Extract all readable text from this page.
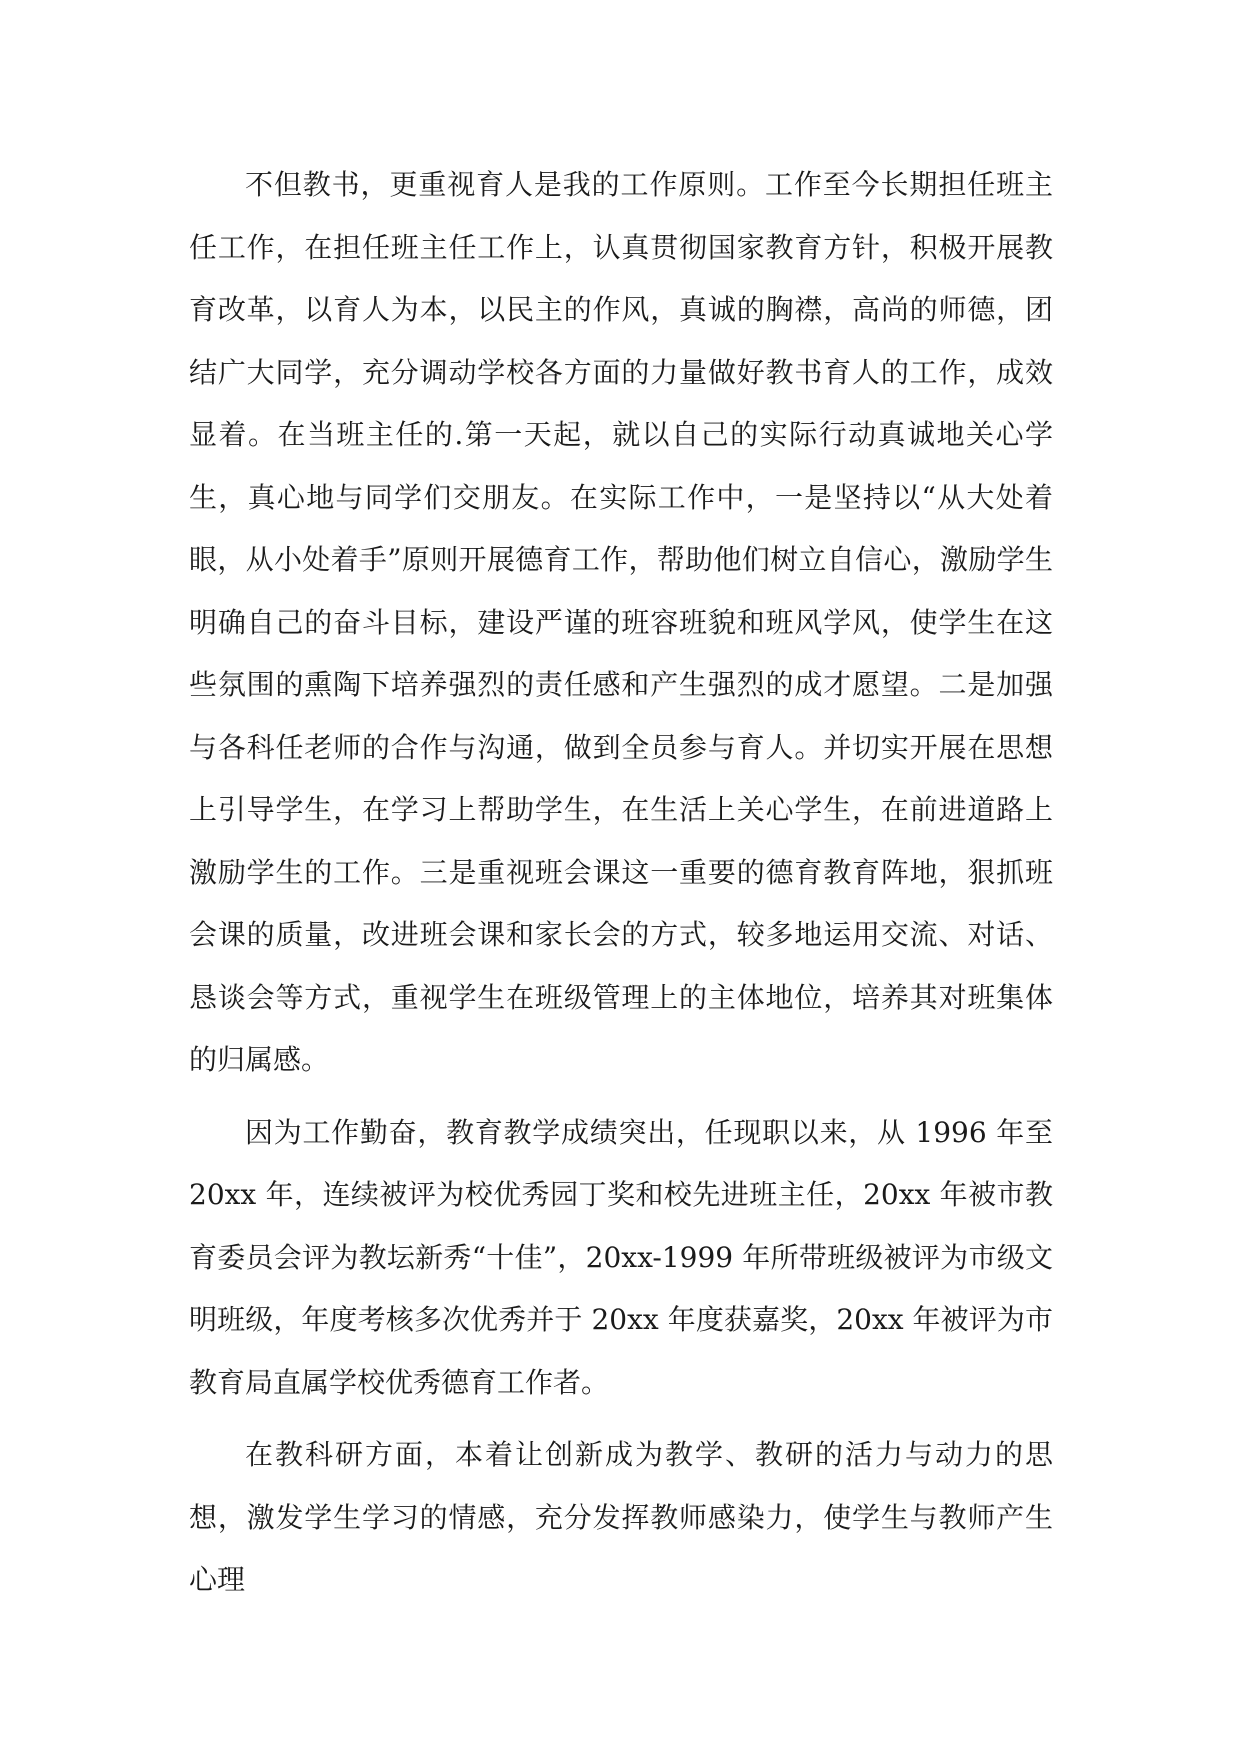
不但教书，更重视育人是我的工作原则。工作至今长期担任班主任工作，在担任班主任工作上，认真贯彻国家教育方针，积极开展教育改革，以育人为本，以民主的作风，真诚的胸襟，高尚的师德，团结广大同学，充分调动学校各方面的力量做好教书育人的工作，成效显着。在当班主任的.第一天起，就以自己的实际行动真诚地关心学生，真心地与同学们交朋友。在实际工作中，一是坚持以“从大处着眼，从小处着手”原则开展德育工作，帮助他们树立自信心，激励学生明确自己的奋斗目标，建设严谨的班容班貌和班风学风，使学生在这些氛围的熏陶下培养强烈的责任感和产生强烈的成才愿望。二是加强与各科任老师的合作与沟通，做到全员参与育人。并切实开展在思想上引导学生，在学习上帮助学生，在生活上关心学生，在前进道路上激励学生的工作。三是重视班会课这一重要的德育教育阵地，狠抓班会课的质量，改进班会课和家长会的方式，较多地运用交流、对话、恳谈会等方式，重视学生在班级管理上的主体地位，培养其对班集体的归属感。

因为工作勤奋，教育教学成绩突出，任现职以来，从 1996 年至 20xx 年，连续被评为校优秀园丁奖和校先进班主任，20xx 年被市教育委员会评为教坛新秀“十佳”，20xx-1999 年所带班级被评为市级文明班级，年度考核多次优秀并于 20xx 年度获嘉奖，20xx 年被评为市教育局直属学校优秀德育工作者。

在教科研方面，本着让创新成为教学、教研的活力与动力的思想，激发学生学习的情感，充分发挥教师感染力，使学生与教师产生心理
